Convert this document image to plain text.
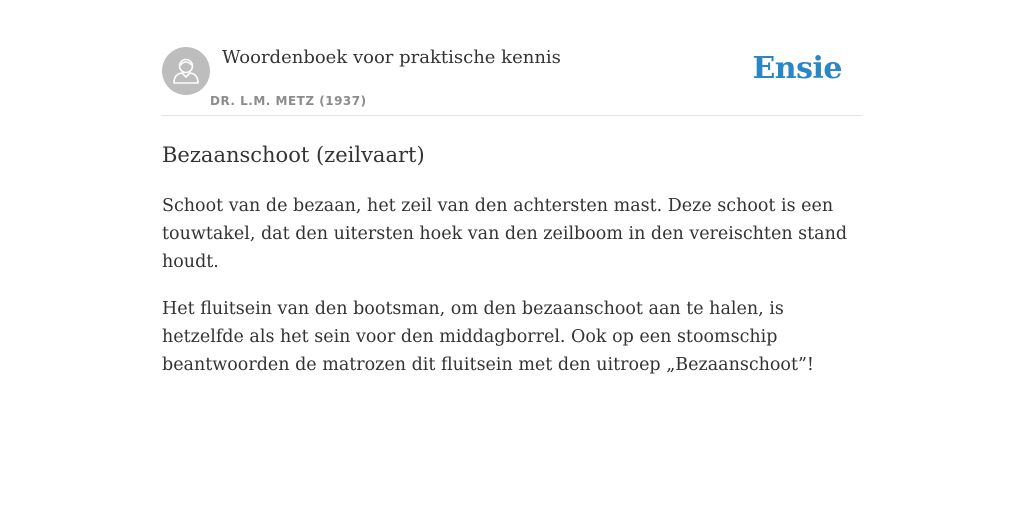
Woordenboek voor praktische kennis
DR. L.M. METZ (1937)
Ensie
Bezaanschoot (zeilvaart)

Schoot van de bezaan, het zeil van den achtersten mast. Deze schoot is een touwtakel, dat den uitersten hoek van den zeilboom in den vereischten stand houdt.

Het fluitsein van den bootsman, om den bezaanschoot aan te halen, is hetzelfde als het sein voor den middagborrel. Ook op een stoomschip beantwoorden de matrozen dit fluitsein met den uitroep „Bezaanschoot”!
